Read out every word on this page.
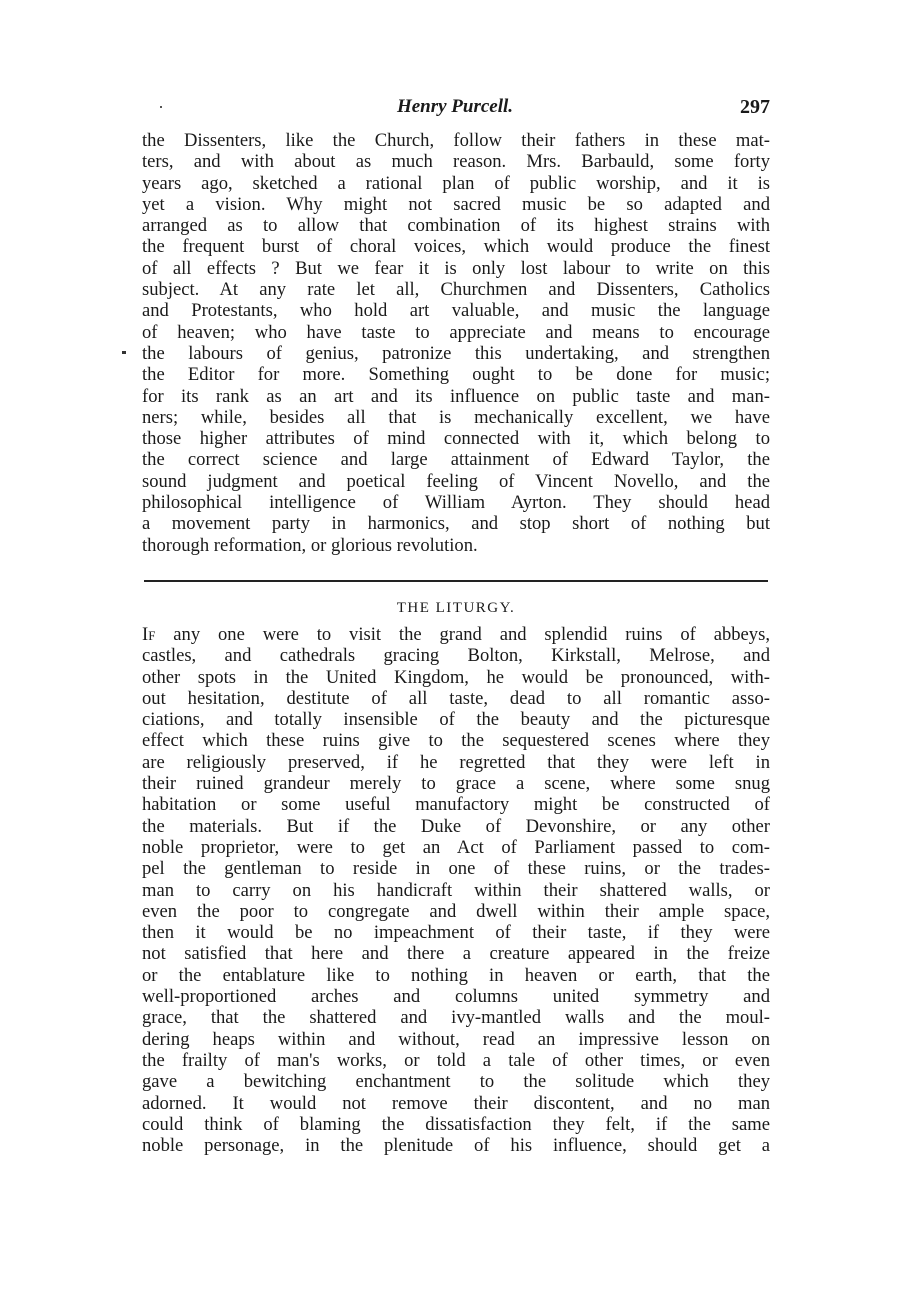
Henry Purcell.	297
the Dissenters, like the Church, follow their fathers in these mat-
ters, and with about as much reason. Mrs. Barbauld, some forty
years ago, sketched a rational plan of public worship, and it is
yet a vision. Why might not sacred music be so adapted and
arranged as to allow that combination of its highest strains with
the frequent burst of choral voices, which would produce the finest
of all effects ? But we fear it is only lost labour to write on this
subject. At any rate let all, Churchmen and Dissenters, Catholics
and Protestants, who hold art valuable, and music the language
of heaven; who have taste to appreciate and means to encourage
the labours of genius, patronize this undertaking, and strengthen
the Editor for more. Something ought to be done for music;
for its rank as an art and its influence on public taste and man-
ners; while, besides all that is mechanically excellent, we have
those higher attributes of mind connected with it, which belong to
the correct science and large attainment of Edward Taylor, the
sound judgment and poetical feeling of Vincent Novello, and the
philosophical intelligence of William Ayrton. They should head
a movement party in harmonics, and stop short of nothing but
thorough reformation, or glorious revolution.
THE LITURGY.
If any one were to visit the grand and splendid ruins of abbeys,
castles, and cathedrals gracing Bolton, Kirkstall, Melrose, and
other spots in the United Kingdom, he would be pronounced, with-
out hesitation, destitute of all taste, dead to all romantic asso-
ciations, and totally insensible of the beauty and the picturesque
effect which these ruins give to the sequestered scenes where they
are religiously preserved, if he regretted that they were left in
their ruined grandeur merely to grace a scene, where some snug
habitation or some useful manufactory might be constructed of
the materials. But if the Duke of Devonshire, or any other
noble proprietor, were to get an Act of Parliament passed to com-
pel the gentleman to reside in one of these ruins, or the trades-
man to carry on his handicraft within their shattered walls, or
even the poor to congregate and dwell within their ample space,
then it would be no impeachment of their taste, if they were
not satisfied that here and there a creature appeared in the freize
or the entablature like to nothing in heaven or earth, that the
well-proportioned arches and columns united symmetry and
grace, that the shattered and ivy-mantled walls and the moul-
dering heaps within and without, read an impressive lesson on
the frailty of man's works, or told a tale of other times, or even
gave a bewitching enchantment to the solitude which they
adorned. It would not remove their discontent, and no man
could think of blaming the dissatisfaction they felt, if the same
noble personage, in the plenitude of his influence, should get a
